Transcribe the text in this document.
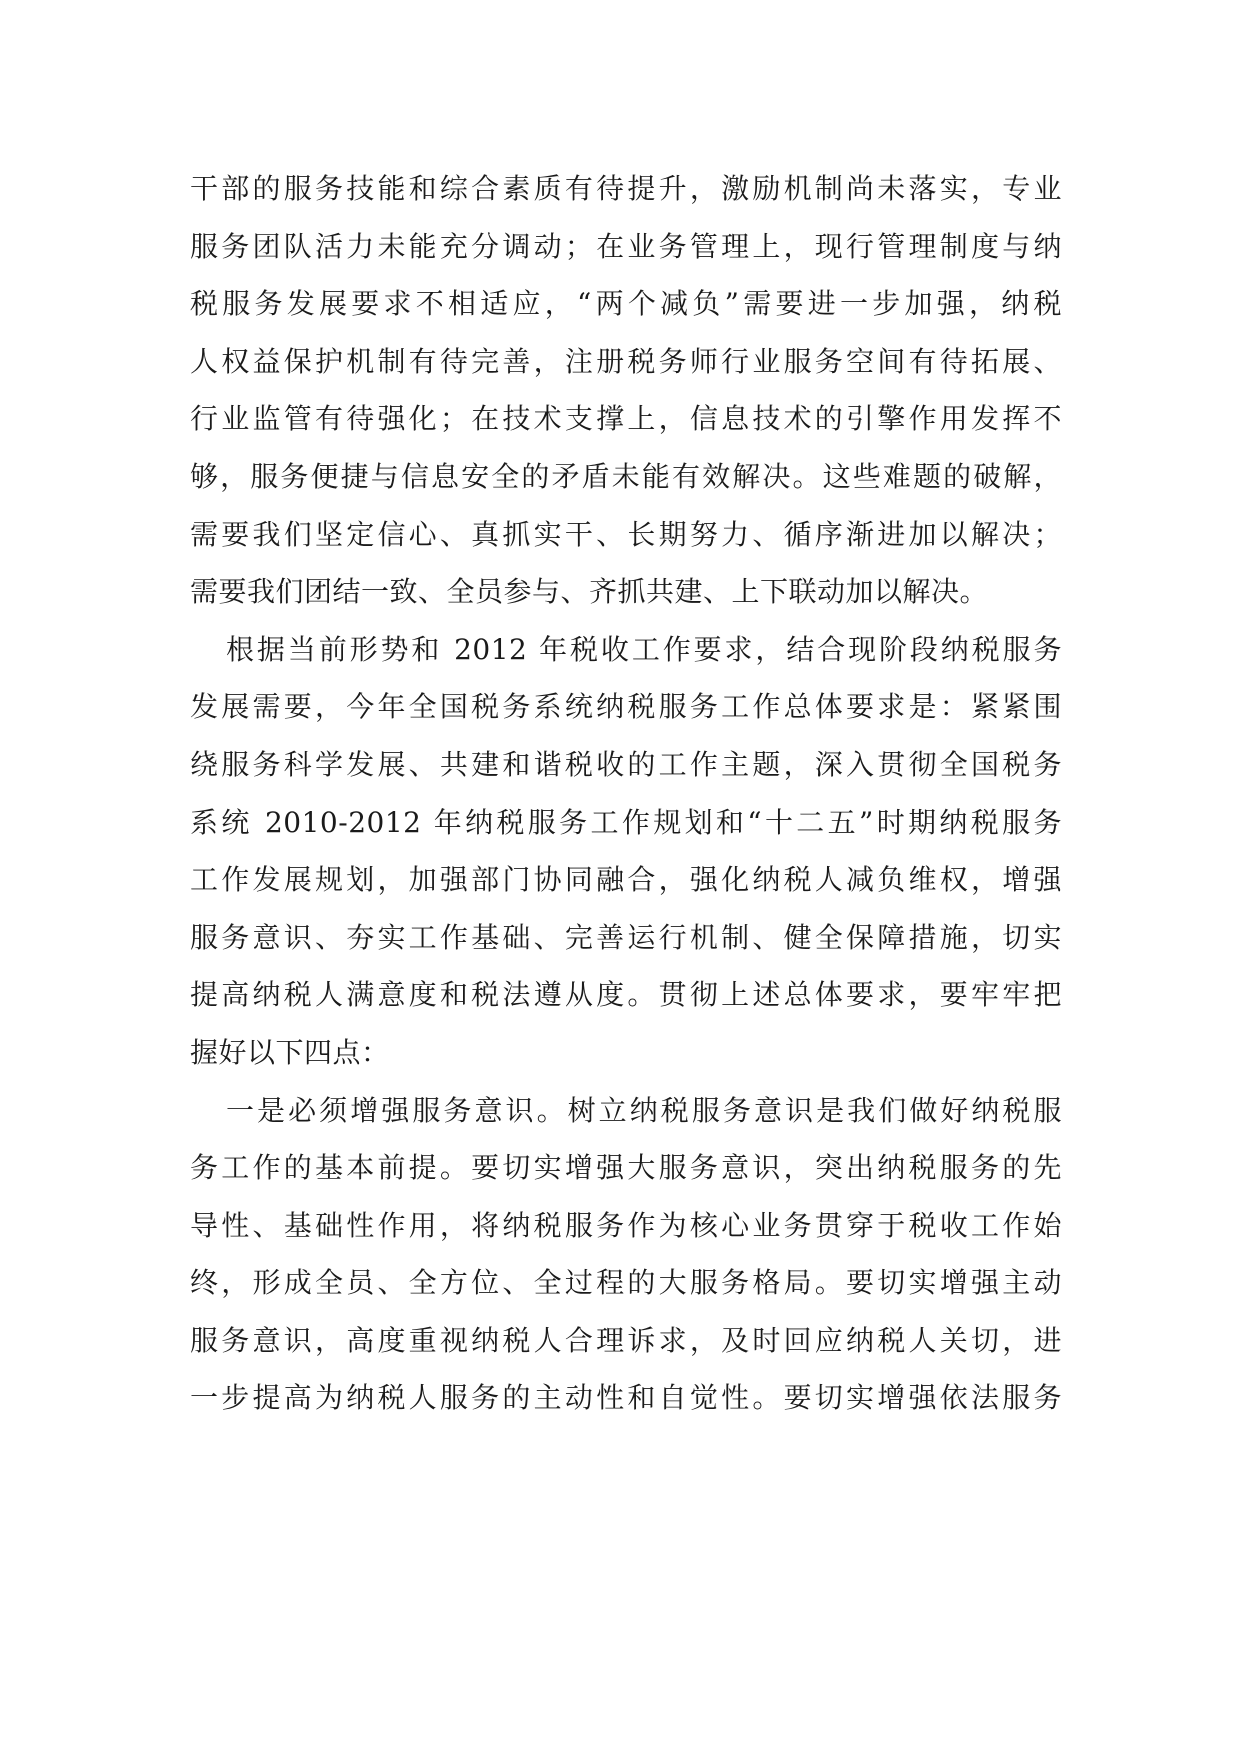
干部的服务技能和综合素质有待提升，激励机制尚未落实，专业
服务团队活力未能充分调动；在业务管理上，现行管理制度与纳
税服务发展要求不相适应，“两个减负”需要进一步加强，纳税
人权益保护机制有待完善，注册税务师行业服务空间有待拓展、
行业监管有待强化；在技术支撑上，信息技术的引擎作用发挥不
够，服务便捷与信息安全的矛盾未能有效解决。这些难题的破解，
需要我们坚定信心、真抓实干、长期努力、循序渐进加以解决；
需要我们团结一致、全员参与、齐抓共建、上下联动加以解决。
根据当前形势和 2012 年税收工作要求，结合现阶段纳税服务
发展需要，今年全国税务系统纳税服务工作总体要求是：紧紧围
绕服务科学发展、共建和谐税收的工作主题，深入贯彻全国税务
系统 2010-2012 年纳税服务工作规划和“十二五”时期纳税服务
工作发展规划，加强部门协同融合，强化纳税人减负维权，增强
服务意识、夯实工作基础、完善运行机制、健全保障措施，切实
提高纳税人满意度和税法遵从度。贯彻上述总体要求，要牢牢把
握好以下四点：
一是必须增强服务意识。树立纳税服务意识是我们做好纳税服
务工作的基本前提。要切实增强大服务意识，突出纳税服务的先
导性、基础性作用，将纳税服务作为核心业务贯穿于税收工作始
终，形成全员、全方位、全过程的大服务格局。要切实增强主动
服务意识，高度重视纳税人合理诉求，及时回应纳税人关切，进
一步提高为纳税人服务的主动性和自觉性。要切实增强依法服务
